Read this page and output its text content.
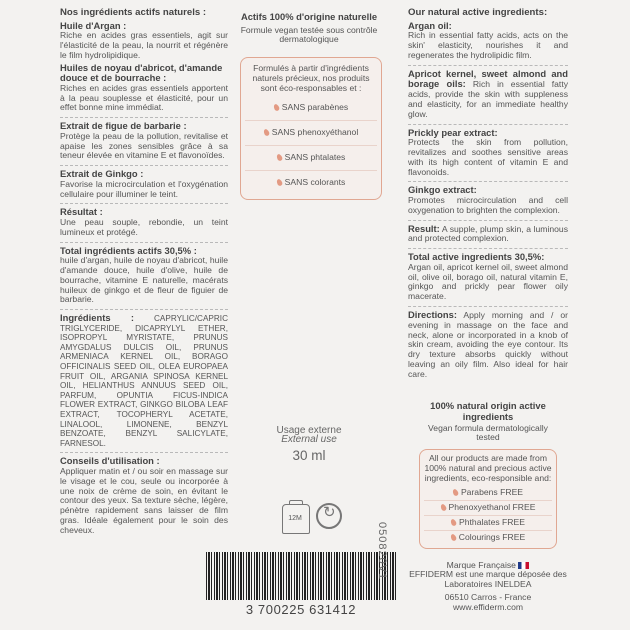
Nos ingrédients actifs naturels :
Huile d'Argan :

Riche en acides gras essentiels, agit sur l'élasticité de la peau, la nourrit et régénère le film hydrolipidique.

Huiles de noyau d'abricot, d'amande douce et de bourrache :

Riches en acides gras essentiels apportent à la peau souplesse et élasticité, pour un effet bonne mine immédiat.

Extrait de figue de barbarie :

Protège la peau de la pollution, revitalise et apaise les zones sensibles grâce à sa teneur élevée en vitamine E et flavonoïdes.

Extrait de Ginkgo :

Favorise la microcirculation et l'oxygénation cellulaire pour illuminer le teint.

Résultat :

Une peau souple, rebondie, un teint lumineux et protégé.

Total ingrédients actifs 30,5% :

huile d'argan, huile de noyau d'abricot, huile d'amande douce, huile d'olive, huile de bourrache, vitamine E naturelle, macérats huileux de ginkgo et de fleur de figuier de barbarie.

Ingrédients : CAPRYLIC/CAPRIC TRIGLYCERIDE, DICAPRYLYL ETHER, ISOPROPYL MYRISTATE, PRUNUS AMYGDALUS DULCIS OIL, PRUNUS ARMENIACA KERNEL OIL, BORAGO OFFICINALIS SEED OIL, OLEA EUROPAEA FRUIT OIL, ARGANIA SPINOSA KERNEL OIL, HELIANTHUS ANNUUS SEED OIL, PARFUM, OPUNTIA FICUS-INDICA FLOWER EXTRACT, GINKGO BILOBA LEAF EXTRACT, TOCOPHERYL ACETATE, LINALOOL, LIMONENE, BENZYL BENZOATE, BENZYL SALICYLATE, FARNESOL.

Conseils d'utilisation :

Appliquer matin et / ou soir en massage sur le visage et le cou, seule ou incorporée à une noix de crème de soin, en évitant le contour des yeux. Sa texture sèche, légère, pénètre rapidement sans laisser de film gras. Idéale également pour le soin des cheveux.

Actifs 100% d'origine naturelle
Formule vegan testée sous contrôle dermatologique
Formulés à partir d'ingrédients naturels précieux, nos produits sont éco-responsables et :
SANS parabènes
SANS phenoxyéthanol
SANS phtalates
SANS colorants
Usage externe
External use
30 ml
12M
↻
3 700225 631412
050820V1
Our natural active ingredients:
Argan oil:

Rich in essential fatty acids, acts on the skin' elasticity, nourishes it and regenerates the hydrolipidic film.

Apricot kernel, sweet almond and borage oils: Rich in essential fatty acids, provide the skin with suppleness and elasticity, for an immediate healthy glow.

Prickly pear extract:

Protects the skin from pollution, revitalizes and soothes sensitive areas with its high content of vitamin E and flavonoids.

Ginkgo extract:

Promotes microcirculation and cell oxygenation to brighten the complexion.

Result: A supple, plump skin, a luminous and protected complexion.

Total active ingredients 30,5%:

Argan oil, apricot kernel oil, sweet almond oil, olive oil, borago oil, natural vitamin E, ginkgo and prickly pear flower oily macerate.

Directions: Apply morning and / or evening in massage on the face and neck, alone or incorporated in a knob of skin cream, avoiding the eye contour. Its dry texture absorbs quickly without leaving an oily film. Also ideal for hair care.

100% natural origin active ingredients
Vegan formula dermatologically tested
All our products are made from 100% natural and precious active ingredients, eco-responsible and:
Parabens FREE
Phenoxyethanol FREE
Phthalates FREE
Colourings FREE
Marque Française
EFFIDERM est une marque déposée des Laboratoires INELDEA
06510 Carros - France
www.effiderm.com
